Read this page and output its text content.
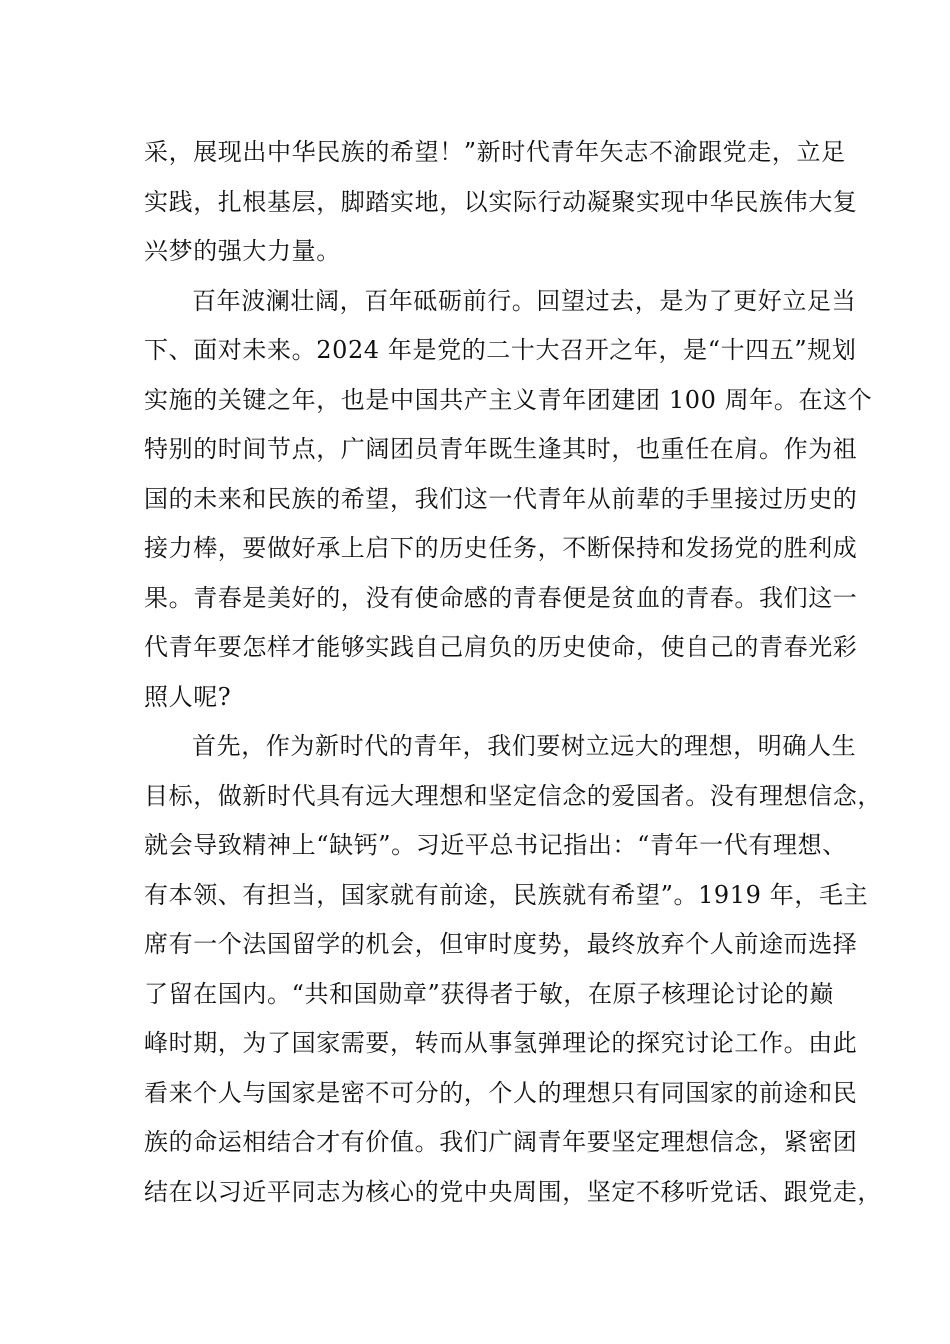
采，展现出中华民族的希望！”新时代青年矢志不渝跟党走，立足
实践，扎根基层，脚踏实地，以实际行动凝聚实现中华民族伟大复
兴梦的强大力量。
百年波澜壮阔，百年砥砺前行。回望过去，是为了更好立足当
下、面对未来。2024 年是党的二十大召开之年，是“十四五”规划
实施的关键之年，也是中国共产主义青年团建团 100 周年。在这个
特别的时间节点，广阔团员青年既生逢其时，也重任在肩。作为祖
国的未来和民族的希望，我们这一代青年从前辈的手里接过历史的
接力棒，要做好承上启下的历史任务，不断保持和发扬党的胜利成
果。青春是美好的，没有使命感的青春便是贫血的青春。我们这一
代青年要怎样才能够实践自己肩负的历史使命，使自己的青春光彩
照人呢?
首先，作为新时代的青年，我们要树立远大的理想，明确人生
目标，做新时代具有远大理想和坚定信念的爱国者。没有理想信念，
就会导致精神上“缺钙”。习近平总书记指出：“青年一代有理想、
有本领、有担当，国家就有前途，民族就有希望”。1919 年，毛主
席有一个法国留学的机会，但审时度势，最终放弃个人前途而选择
了留在国内。“共和国勋章”获得者于敏，在原子核理论讨论的巅
峰时期，为了国家需要，转而从事氢弹理论的探究讨论工作。由此
看来个人与国家是密不可分的，个人的理想只有同国家的前途和民
族的命运相结合才有价值。我们广阔青年要坚定理想信念，紧密团
结在以习近平同志为核心的党中央周围，坚定不移听党话、跟党走，
